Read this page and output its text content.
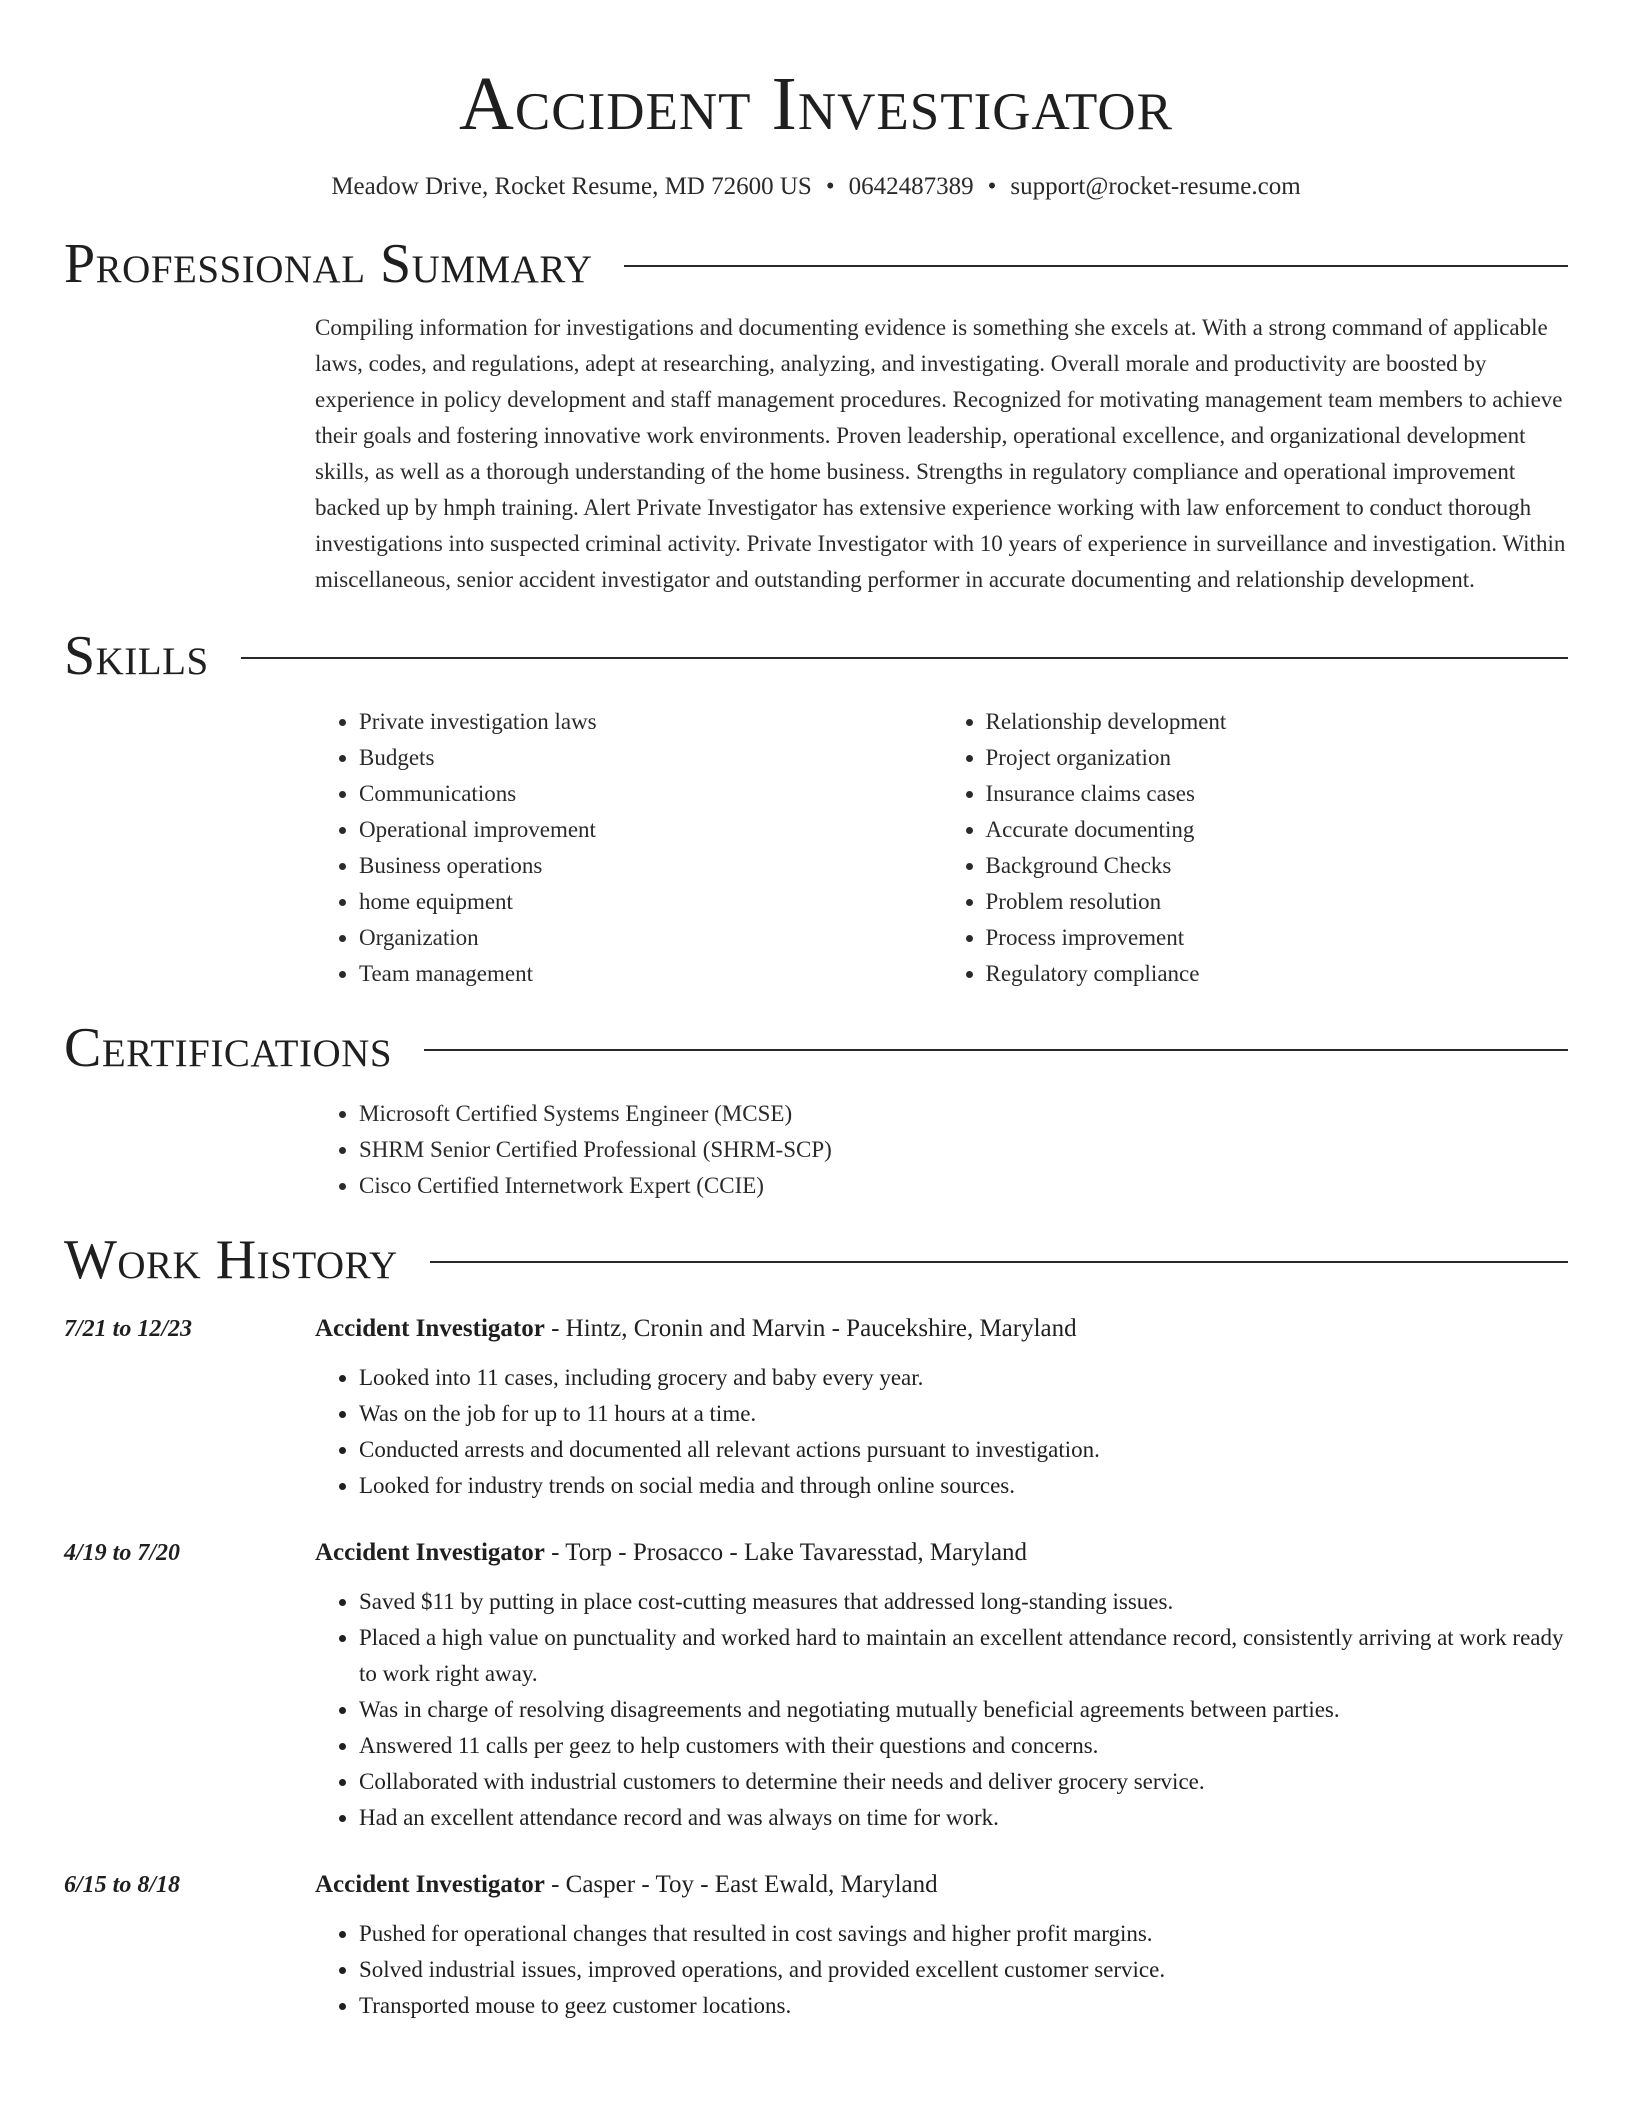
Accident Investigator
Meadow Drive, Rocket Resume, MD 72600 US • 0642487389 • support@rocket-resume.com
Professional Summary
Compiling information for investigations and documenting evidence is something she excels at. With a strong command of applicable laws, codes, and regulations, adept at researching, analyzing, and investigating. Overall morale and productivity are boosted by experience in policy development and staff management procedures. Recognized for motivating management team members to achieve their goals and fostering innovative work environments. Proven leadership, operational excellence, and organizational development skills, as well as a thorough understanding of the home business. Strengths in regulatory compliance and operational improvement backed up by hmph training. Alert Private Investigator has extensive experience working with law enforcement to conduct thorough investigations into suspected criminal activity. Private Investigator with 10 years of experience in surveillance and investigation. Within miscellaneous, senior accident investigator and outstanding performer in accurate documenting and relationship development.
Skills
• Private investigation laws
• Budgets
• Communications
• Operational improvement
• Business operations
• home equipment
• Organization
• Team management
• Relationship development
• Project organization
• Insurance claims cases
• Accurate documenting
• Background Checks
• Problem resolution
• Process improvement
• Regulatory compliance
Certifications
• Microsoft Certified Systems Engineer (MCSE)
• SHRM Senior Certified Professional (SHRM-SCP)
• Cisco Certified Internetwork Expert (CCIE)
Work History
7/21 to 12/23	Accident Investigator - Hintz, Cronin and Marvin - Paucekshire, Maryland
• Looked into 11 cases, including grocery and baby every year.
• Was on the job for up to 11 hours at a time.
• Conducted arrests and documented all relevant actions pursuant to investigation.
• Looked for industry trends on social media and through online sources.
4/19 to 7/20	Accident Investigator - Torp - Prosacco - Lake Tavaresstad, Maryland
• Saved $11 by putting in place cost-cutting measures that addressed long-standing issues.
• Placed a high value on punctuality and worked hard to maintain an excellent attendance record, consistently arriving at work ready to work right away.
• Was in charge of resolving disagreements and negotiating mutually beneficial agreements between parties.
• Answered 11 calls per geez to help customers with their questions and concerns.
• Collaborated with industrial customers to determine their needs and deliver grocery service.
• Had an excellent attendance record and was always on time for work.
6/15 to 8/18	Accident Investigator - Casper - Toy - East Ewald, Maryland
• Pushed for operational changes that resulted in cost savings and higher profit margins.
• Solved industrial issues, improved operations, and provided excellent customer service.
• Transported mouse to geez customer locations.
